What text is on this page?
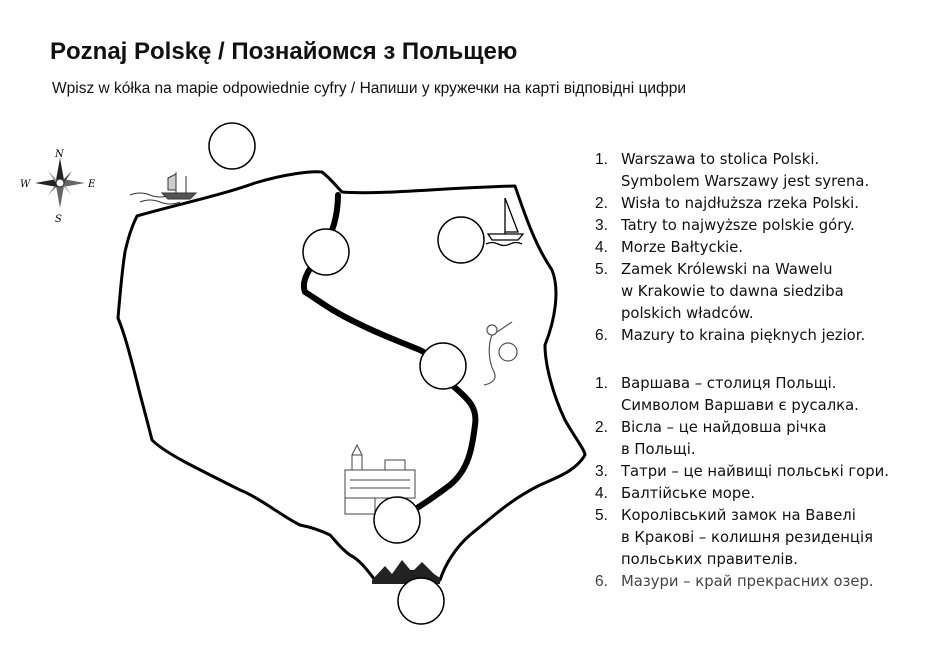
Poznaj Polskę / Познайомся з Польщею
Wpisz w kółka na mapie odpowiednie cyfry / Напиши у кружечки на карті відповідні цифри
N
W	E
S
1. Warszawa to stolica Polski.
Symbolem Warszawy jest syrena.
2. Wisła to najdłuższa rzeka Polski.
3. Tatry to najwyższe polskie góry.
4. Morze Bałtyckie.
5. Zamek Królewski na Wawelu
w Krakowie to dawna siedziba
polskich władców.
6. Mazury to kraina pięknych jezior.
1. Варшава – столиця Польщі.
Символом Варшави є русалка.
2. Вісла – це найдовша річка
в Польщі.
3. Татри – це найвищі польські гори.
4. Балтійське море.
5. Королівський замок на Вавелі
в Кракові – колишня резиденція
польських правителів.
6. Мазури – край прекрасних озер.
